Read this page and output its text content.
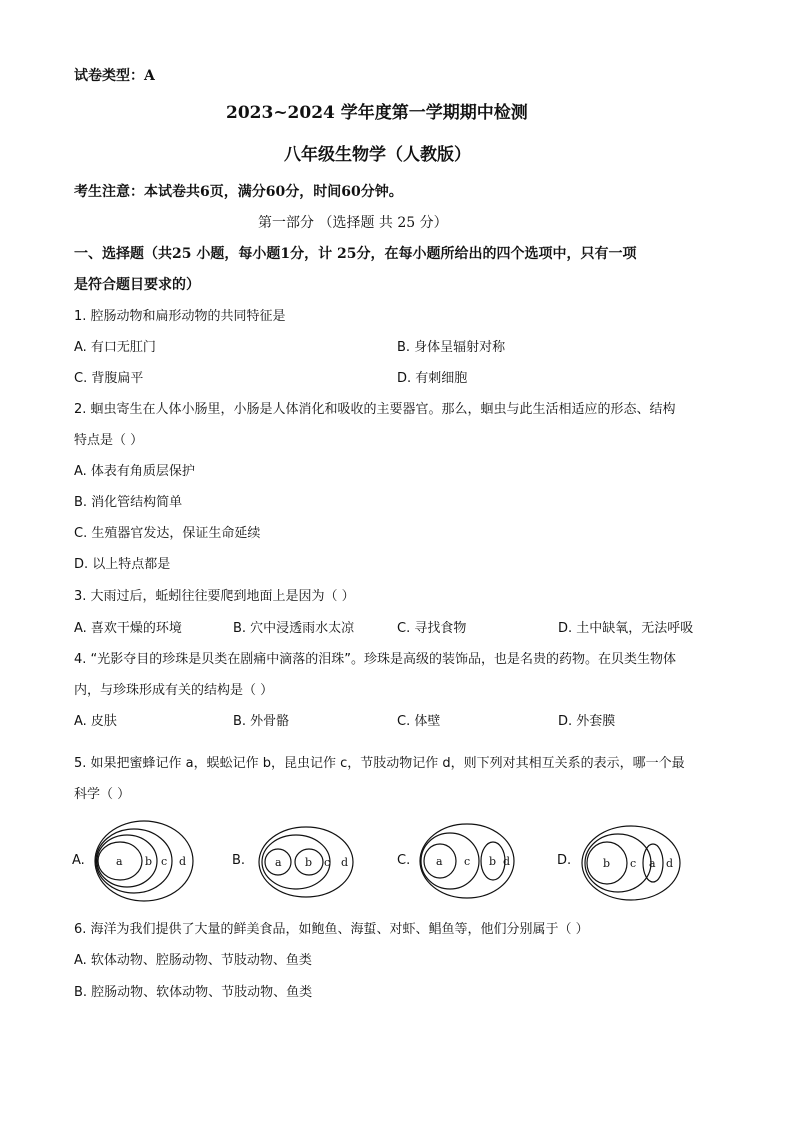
试卷类型：A
2023~2024 学年度第一学期期中检测
八年级生物学（人教版）
考生注意：本试卷共6页，满分60分，时间60分钟。
第一部分 （选择题 共 25 分）
一、选择题（共25 小题，每小题1分，计 25分，在每小题所给出的四个选项中，只有一项
是符合题目要求的）
1. 腔肠动物和扁形动物的共同特征是
A. 有口无肛门	B. 身体呈辐射对称
C. 背腹扁平	D. 有刺细胞
2. 蛔虫寄生在人体小肠里，小肠是人体消化和吸收的主要器官。那么，蛔虫与此生活相适应的形态、结构
特点是（ ）
A. 体表有角质层保护
B. 消化管结构简单
C. 生殖器官发达，保证生命延续
D. 以上特点都是
3. 大雨过后，蚯蚓往往要爬到地面上是因为（ ）
A. 喜欢干燥的环境	B. 穴中浸透雨水太凉	C. 寻找食物	D. 土中缺氧，无法呼吸
4. “光影夺目的珍珠是贝类在剧痛中滴落的泪珠”。珍珠是高级的装饰品，也是名贵的药物。在贝类生物体
内，与珍珠形成有关的结构是（ ）
A. 皮肤	B. 外骨骼	C. 体壁	D. 外套膜
5. 如果把蜜蜂记作 a，蜈蚣记作 b，昆虫记作 c，节肢动物记作 d，则下列对其相互关系的表示，哪一个最
科学（ ）
A.	a b c d	B.	a b c d	C. a c b d	D.	b c a d
6. 海洋为我们提供了大量的鲜美食品，如鲍鱼、海蜇、对虾、鲳鱼等，他们分别属于（ ）
A. 软体动物、腔肠动物、节肢动物、鱼类
B. 腔肠动物、软体动物、节肢动物、鱼类
